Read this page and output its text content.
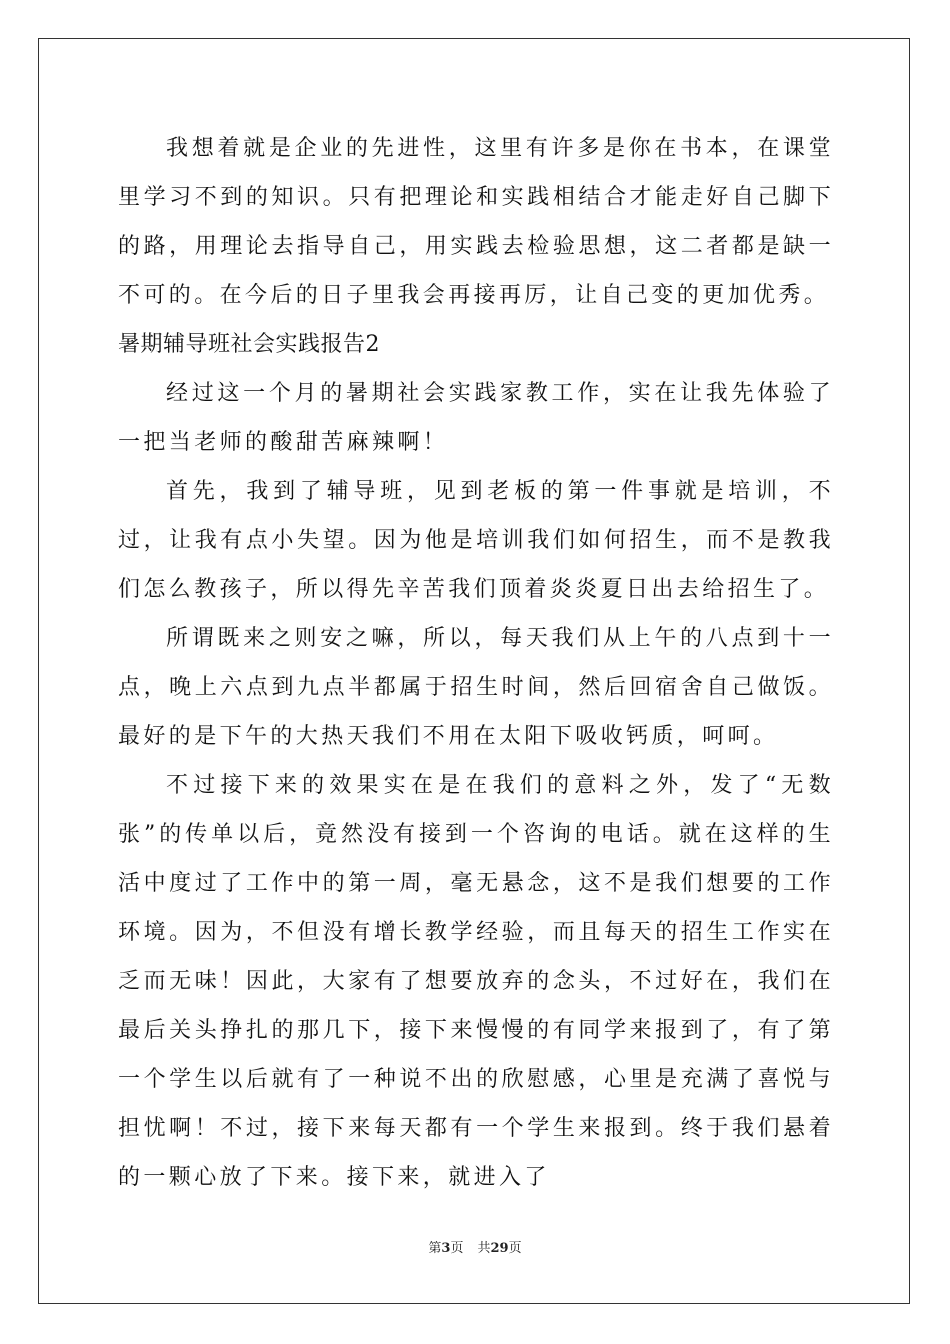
我想着就是企业的先进性，这里有许多是你在书本，在课堂里学习不到的知识。只有把理论和实践相结合才能走好自己脚下的路，用理论去指导自己，用实践去检验思想，这二者都是缺一不可的。在今后的日子里我会再接再厉，让自己变的更加优秀。

暑期辅导班社会实践报告2

经过这一个月的暑期社会实践家教工作，实在让我先体验了一把当老师的酸甜苦麻辣啊！

首先，我到了辅导班，见到老板的第一件事就是培训，不过，让我有点小失望。因为他是培训我们如何招生，而不是教我们怎么教孩子，所以得先辛苦我们顶着炎炎夏日出去给招生了。

所谓既来之则安之嘛，所以，每天我们从上午的八点到十一点，晚上六点到九点半都属于招生时间，然后回宿舍自己做饭。最好的是下午的大热天我们不用在太阳下吸收钙质，呵呵。

不过接下来的效果实在是在我们的意料之外，发了“无数张”的传单以后，竟然没有接到一个咨询的电话。就在这样的生活中度过了工作中的第一周，毫无悬念，这不是我们想要的工作环境。因为，不但没有增长教学经验，而且每天的招生工作实在乏而无味！因此，大家有了想要放弃的念头，不过好在，我们在最后关头挣扎的那几下，接下来慢慢的有同学来报到了，有了第一个学生以后就有了一种说不出的欣慰感，心里是充满了喜悦与担忧啊！不过，接下来每天都有一个学生来报到。终于我们悬着的一颗心放了下来。接下来，就进入了

第3页 共29页
